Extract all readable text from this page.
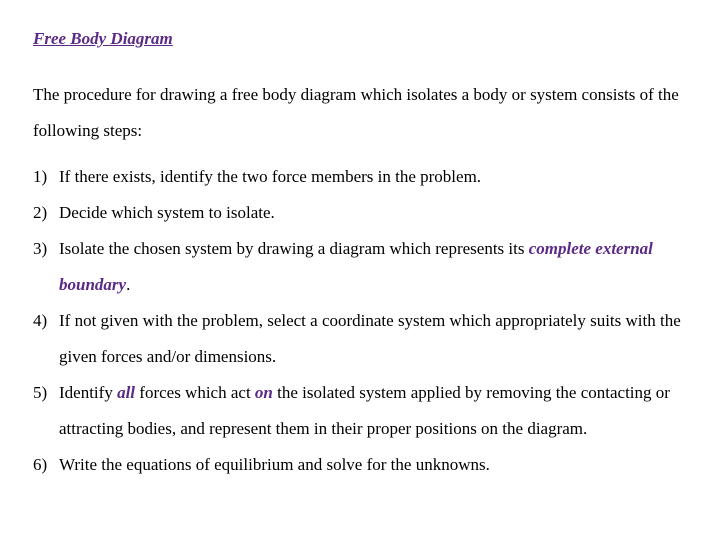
Free Body Diagram
The procedure for drawing a free body diagram which isolates a body or system consists of the following steps:
1) If there exists, identify the two force members in the problem.
2) Decide which system to isolate.
3) Isolate the chosen system by drawing a diagram which represents its complete external boundary.
4) If not given with the problem, select a coordinate system which appropriately suits with the given forces and/or dimensions.
5) Identify all forces which act on the isolated system applied by removing the contacting or attracting bodies, and represent them in their proper positions on the diagram.
6) Write the equations of equilibrium and solve for the unknowns.
